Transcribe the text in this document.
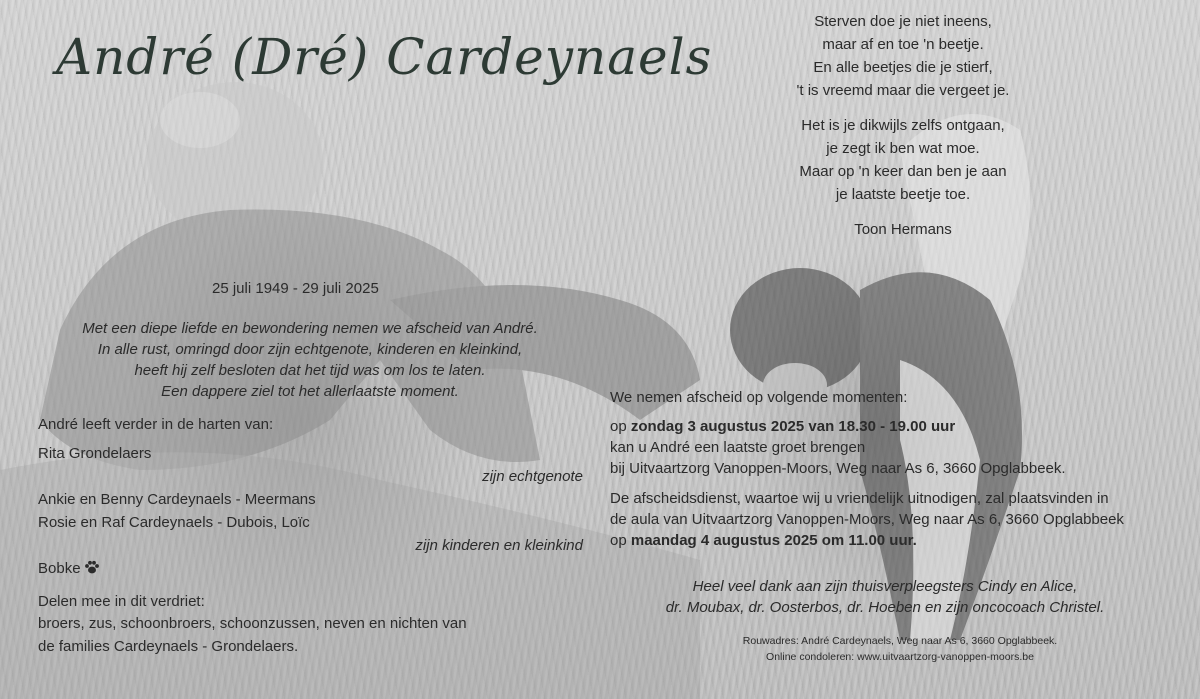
André (Dré) Cardeynaels

Sterven doe je niet ineens,
maar af en toe 'n beetje.
En alle beetjes die je stierf,
't is vreemd maar die vergeet je.

Het is je dikwijls zelfs ontgaan,
je zegt ik ben wat moe.
Maar op 'n keer dan ben je aan
je laatste beetje toe.

Toon Hermans

25 juli 1949 - 29 juli 2025
Met een diepe liefde en bewondering nemen we afscheid van André.
In alle rust, omringd door zijn echtgenote, kinderen en kleinkind,
heeft hij zelf besloten dat het tijd was om los te laten.
Een dappere ziel tot het allerlaatste moment.
André leeft verder in de harten van:
Rita Grondelaers
zijn echtgenote
Ankie en Benny Cardeynaels - Meermans
Rosie en Raf Cardeynaels - Dubois, Loïc
zijn kinderen en kleinkind
Bobke
Delen mee in dit verdriet:
broers, zus, schoonbroers, schoonzussen, neven en nichten van
de families Cardeynaels - Grondelaers.

We nemen afscheid op volgende momenten:

op zondag 3 augustus 2025 van 18.30 - 19.00 uur
kan u André een laatste groet brengen
bij Uitvaartzorg Vanoppen-Moors, Weg naar As 6, 3660 Opglabbeek.

De afscheidsdienst, waartoe wij u vriendelijk uitnodigen, zal plaatsvinden in
de aula van Uitvaartzorg Vanoppen-Moors, Weg naar As 6, 3660 Opglabbeek
op maandag 4 augustus 2025 om 11.00 uur.

Heel veel dank aan zijn thuisverpleegsters Cindy en Alice,
dr. Moubax, dr. Oosterbos, dr. Hoeben en zijn oncocoach Christel.
Rouwadres: André Cardeynaels, Weg naar As 6, 3660 Opglabbeek.
Online condoleren: www.uitvaartzorg-vanoppen-moors.be
